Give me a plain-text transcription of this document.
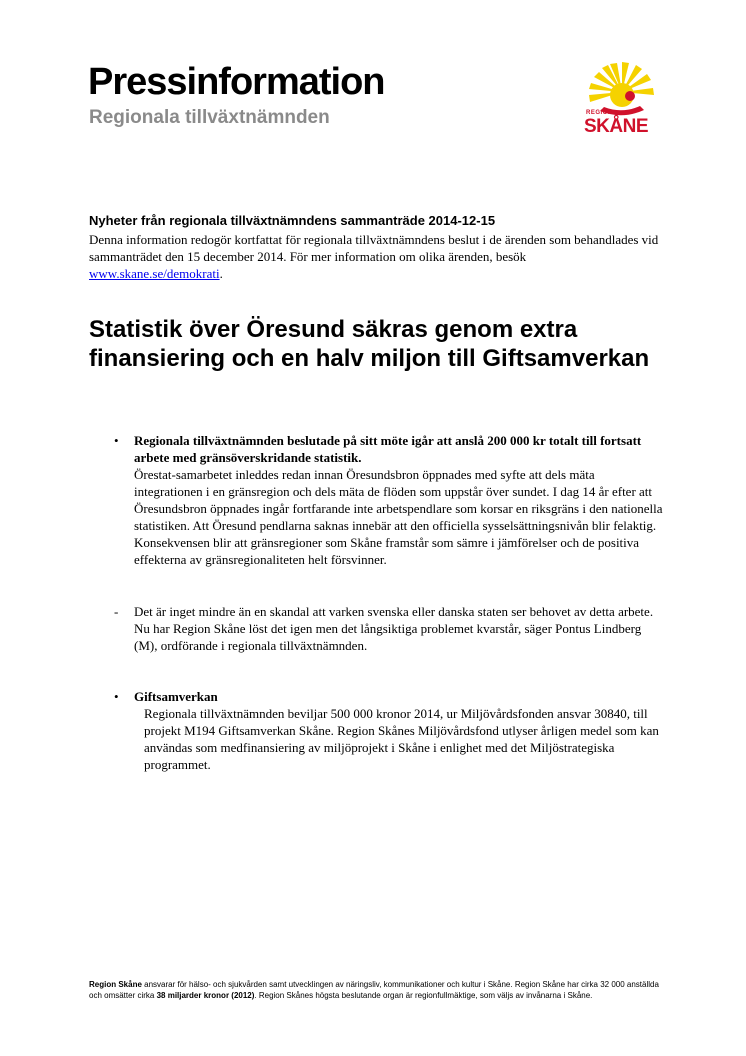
Pressinformation
Regionala tillväxtnämnden	REGION
SKÅNE
Nyheter från regionala tillväxtnämndens sammanträde 2014-12-15
Denna information redogör kortfattat för regionala tillväxtnämndens beslut i de ärenden som behandlades vid sammanträdet den 15 december 2014. För mer information om olika ärenden, besök
www.skane.se/demokrati.
Statistik över Öresund säkras genom extra finansiering och en halv miljon till Giftsamverkan
• Regionala tillväxtnämnden beslutade på sitt möte igår att anslå 200 000 kr totalt till fortsatt arbete med gränsöverskridande statistik.
Örestat-samarbetet inleddes redan innan Öresundsbron öppnades med syfte att dels mäta integrationen i en gränsregion och dels mäta de flöden som uppstår över sundet. I dag 14 år efter att Öresundsbron öppnades ingår fortfarande inte arbetspendlare som korsar en riksgräns i den nationella statistiken. Att Öresund pendlarna saknas innebär att den officiella sysselsättningsnivån blir felaktig. Konsekvensen blir att gränsregioner som Skåne framstår som sämre i jämförelser och de positiva effekterna av gränsregionaliteten helt försvinner.
- Det är inget mindre än en skandal att varken svenska eller danska staten ser behovet av detta arbete. Nu har Region Skåne löst det igen men det långsiktiga problemet kvarstår, säger Pontus Lindberg (M), ordförande i regionala tillväxtnämnden.
• Giftsamverkan
Regionala tillväxtnämnden beviljar 500 000 kronor 2014, ur Miljövårdsfonden ansvar 30840, till projekt M194 Giftsamverkan Skåne. Region Skånes Miljövårdsfond utlyser årligen medel som kan användas som medfinansiering av miljöprojekt i Skåne i enlighet med det Miljöstrategiska programmet.
Region Skåne ansvarar för hälso- och sjukvården samt utvecklingen av näringsliv, kommunikationer och kultur i Skåne. Region Skåne har cirka 32 000 anställda och omsätter cirka 38 miljarder kronor (2012). Region Skånes högsta beslutande organ är regionfullmäktige, som väljs av invånarna i Skåne.
